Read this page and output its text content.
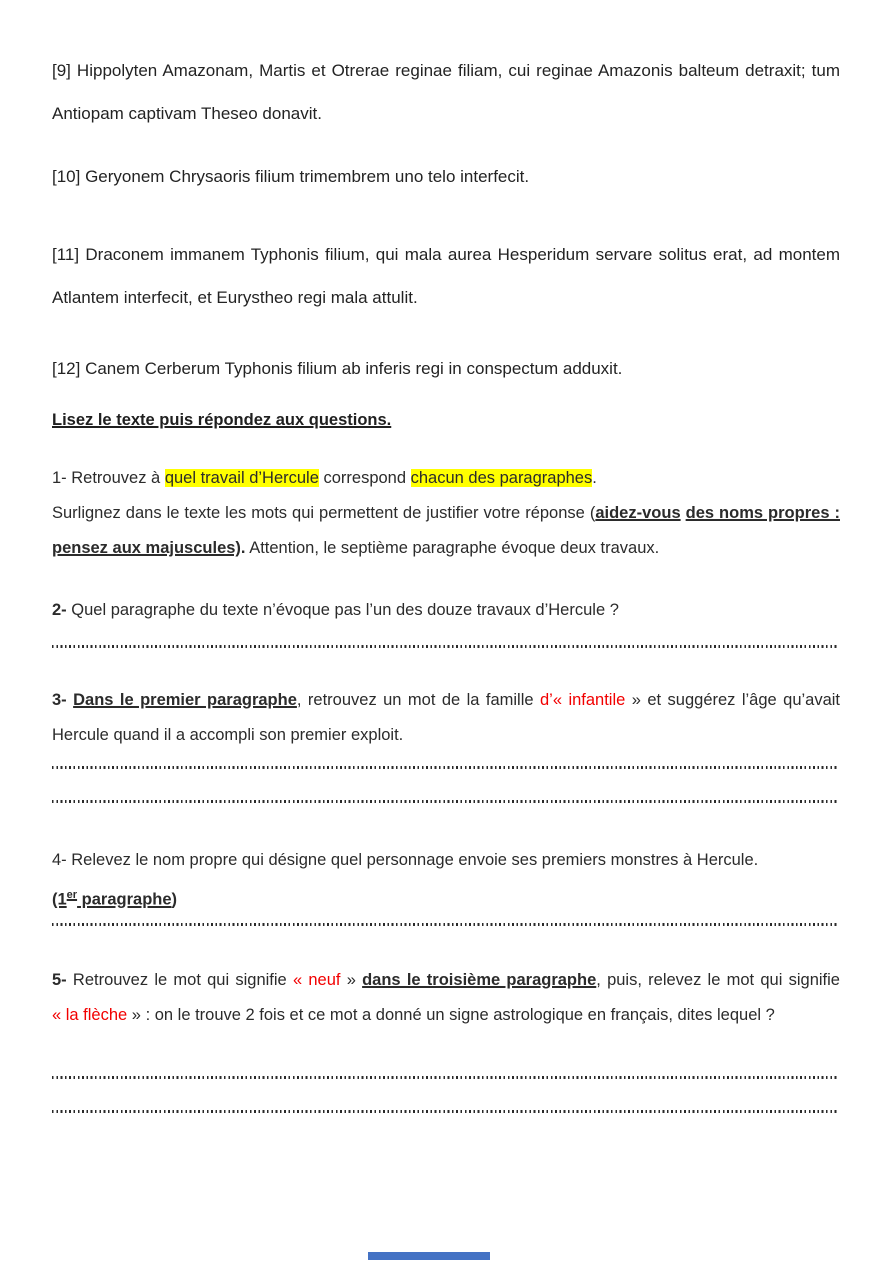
[9] Hippolyten Amazonam, Martis et Otrerae reginae filiam, cui reginae Amazonis balteum detraxit; tum Antiopam captivam Theseo donavit.

[10] Geryonem Chrysaoris filium trimembrem uno telo interfecit.

[11] Draconem immanem Typhonis filium, qui mala aurea Hesperidum servare solitus erat, ad montem Atlantem interfecit, et Eurystheo regi mala attulit.

[12] Canem Cerberum Typhonis filium ab inferis regi in conspectum adduxit.

Lisez le texte puis répondez aux questions.

1- Retrouvez à quel travail d’Hercule correspond chacun des paragraphes.

Surlignez dans le texte les mots qui permettent de justifier votre réponse (aidez-vous des noms propres : pensez aux majuscules). Attention, le septième paragraphe évoque deux travaux.

2- Quel paragraphe du texte n’évoque pas l’un des douze travaux d’Hercule ?

3- Dans le premier paragraphe, retrouvez un mot de la famille d’« infantile » et suggérez l’âge qu’avait Hercule quand il a accompli son premier exploit.

4- Relevez le nom propre qui désigne quel personnage envoie ses premiers monstres à Hercule.
(1er paragraphe)

5- Retrouvez le mot qui signifie « neuf » dans le troisième paragraphe, puis, relevez le mot qui signifie « la flèche » : on le trouve 2 fois et ce mot a donné un signe astrologique en français, dites lequel ?
